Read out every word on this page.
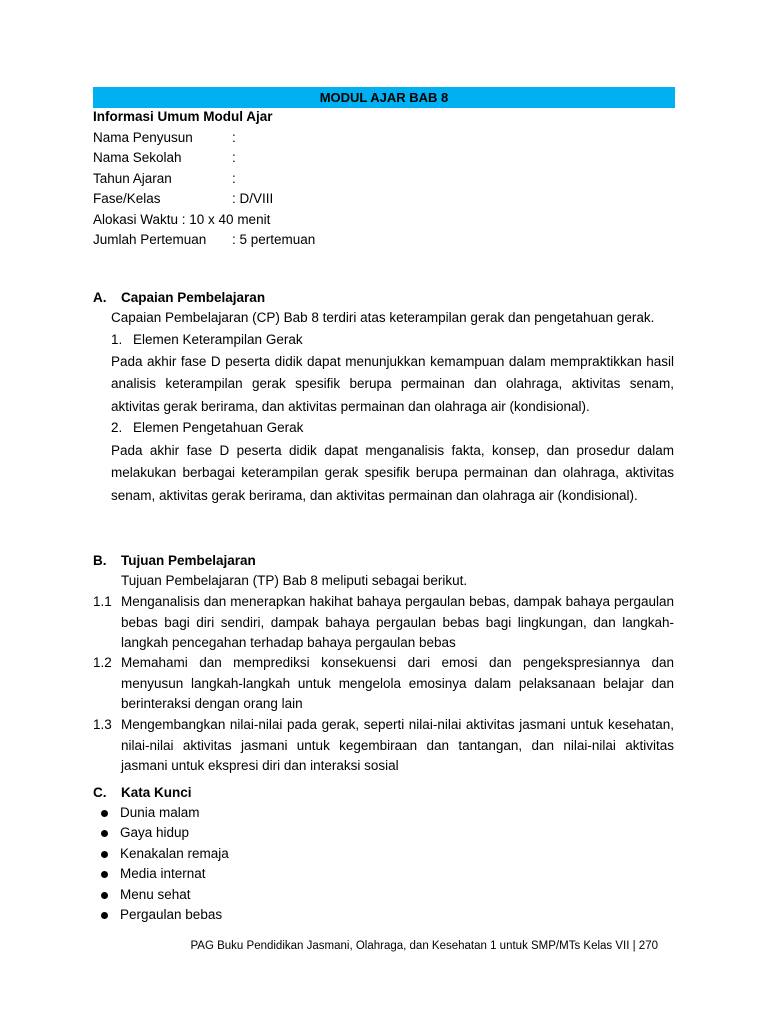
MODUL AJAR BAB 8
Informasi Umum Modul Ajar
Nama Penyusun	:
Nama Sekolah	:
Tahun Ajaran	:
Fase/Kelas	: D/VIII
Alokasi Waktu : 10 x 40 menit
Jumlah Pertemuan : 5 pertemuan
A. Capaian Pembelajaran
Capaian Pembelajaran (CP) Bab 8 terdiri atas keterampilan gerak dan pengetahuan gerak.
1. Elemen Keterampilan Gerak
Pada akhir fase D peserta didik dapat menunjukkan kemampuan dalam mempraktikkan hasil analisis keterampilan gerak spesifik berupa permainan dan olahraga, aktivitas senam, aktivitas gerak berirama, dan aktivitas permainan dan olahraga air (kondisional).
2. Elemen Pengetahuan Gerak
Pada akhir fase D peserta didik dapat menganalisis fakta, konsep, dan prosedur dalam melakukan berbagai keterampilan gerak spesifik berupa permainan dan olahraga, aktivitas senam, aktivitas gerak berirama, dan aktivitas permainan dan olahraga air (kondisional).
B. Tujuan Pembelajaran
Tujuan Pembelajaran (TP) Bab 8 meliputi sebagai berikut.
1.1 Menganalisis dan menerapkan hakihat bahaya pergaulan bebas, dampak bahaya pergaulan bebas bagi diri sendiri, dampak bahaya pergaulan bebas bagi lingkungan, dan langkah-langkah pencegahan terhadap bahaya pergaulan bebas
1.2 Memahami dan memprediksi konsekuensi dari emosi dan pengekspresiannya dan menyusun langkah-langkah untuk mengelola emosinya dalam pelaksanaan belajar dan berinteraksi dengan orang lain
1.3 Mengembangkan nilai-nilai pada gerak, seperti nilai-nilai aktivitas jasmani untuk kesehatan, nilai-nilai aktivitas jasmani untuk kegembiraan dan tantangan, dan nilai-nilai aktivitas jasmani untuk ekspresi diri dan interaksi sosial
C. Kata Kunci
Dunia malam
Gaya hidup
Kenakalan remaja
Media internat
Menu sehat
Pergaulan bebas
PAG Buku Pendidikan Jasmani, Olahraga, dan Kesehatan 1 untuk SMP/MTs Kelas VII | 270
